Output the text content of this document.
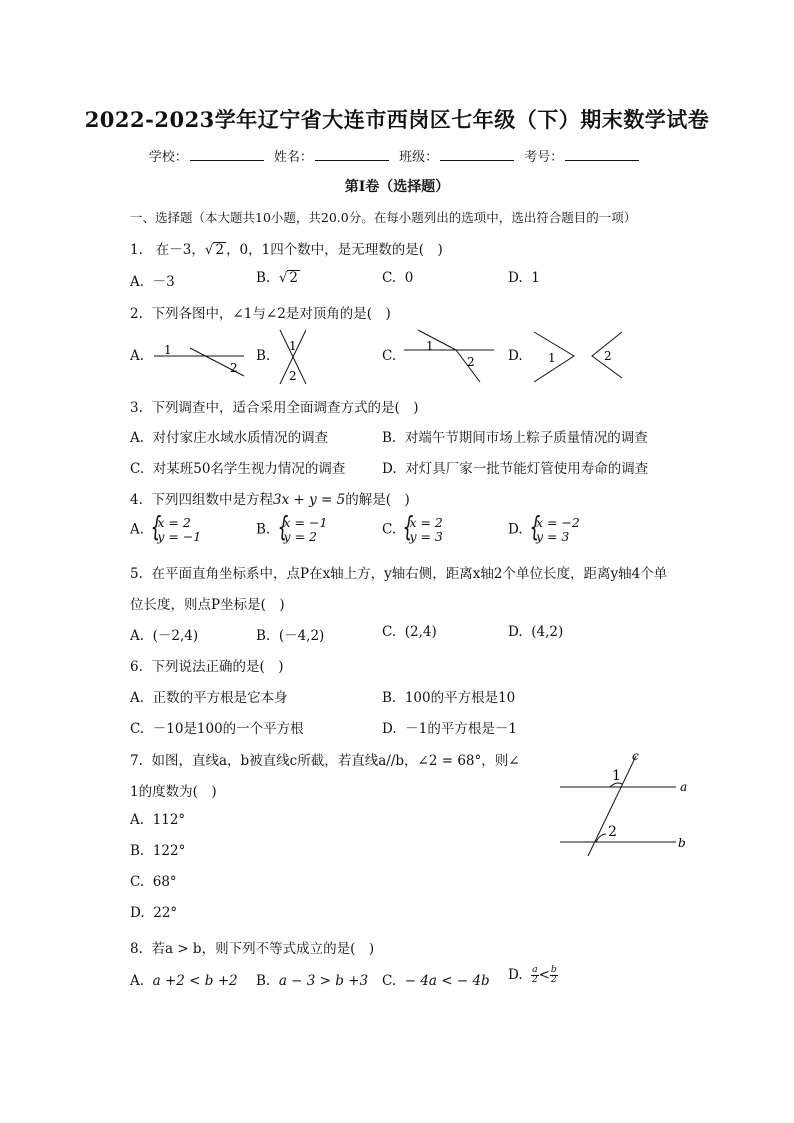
2022-2023学年辽宁省大连市西岗区七年级（下）期末数学试卷
学校：	姓名：	班级：	考号：
第Ⅰ卷（选择题）
一、选择题（本大题共10小题，共20.0分。在每小题列出的选项中，选出符合题目的一项）
1. 在－3，√ 2 ，0，1四个数中，是无理数的是(　)
A. －3	B. √ 2	C. 0	D. 1
2. 下列各图中，∠1与∠2是对顶角的是(　)
A. 1
2
B.
1
2
C.
1
2 D. 1	2
3. 下列调查中，适合采用全面调查方式的是(　)
A. 对付家庄水域水质情况的调查	B. 对端午节期间市场上粽子质量情况的调查
C. 对某班50名学生视力情况的调查	D. 对灯具厂家一批节能灯管使用寿命的调查
4. 下列四组数中是方程3x + y = 5的解是(　)
A. { x = 2
y = −1	B. { x = −1
y = 2	C. { x = 2
y = 3	D. { x = −2
y = 3
5. 在平面直角坐标系中，点P在x轴上方，y轴右侧，距离x轴2个单位长度，距离y轴4个单
位长度，则点P坐标是(　)
A. (－2,4)	B. (－4,2)	C. (2,4)	D. (4,2)
6. 下列说法正确的是(　)
A. 正数的平方根是它本身	B. 100的平方根是10
C. －10是100的一个平方根	D. －1的平方根是－1
7. 如图，直线a，b被直线c所截，若直线a//b，∠2 = 68°，则∠
1的度数为(　)
A. 112°
B. 122°
C. 68°
D. 22°
c
a
b
1
2
8. 若a > b，则下列不等式成立的是(　)
A. a +2 < b +2 B. a − 3 > b +3 C. − 4a < − 4b D. $\frac{a}{2} < \frac{b}{2}$
